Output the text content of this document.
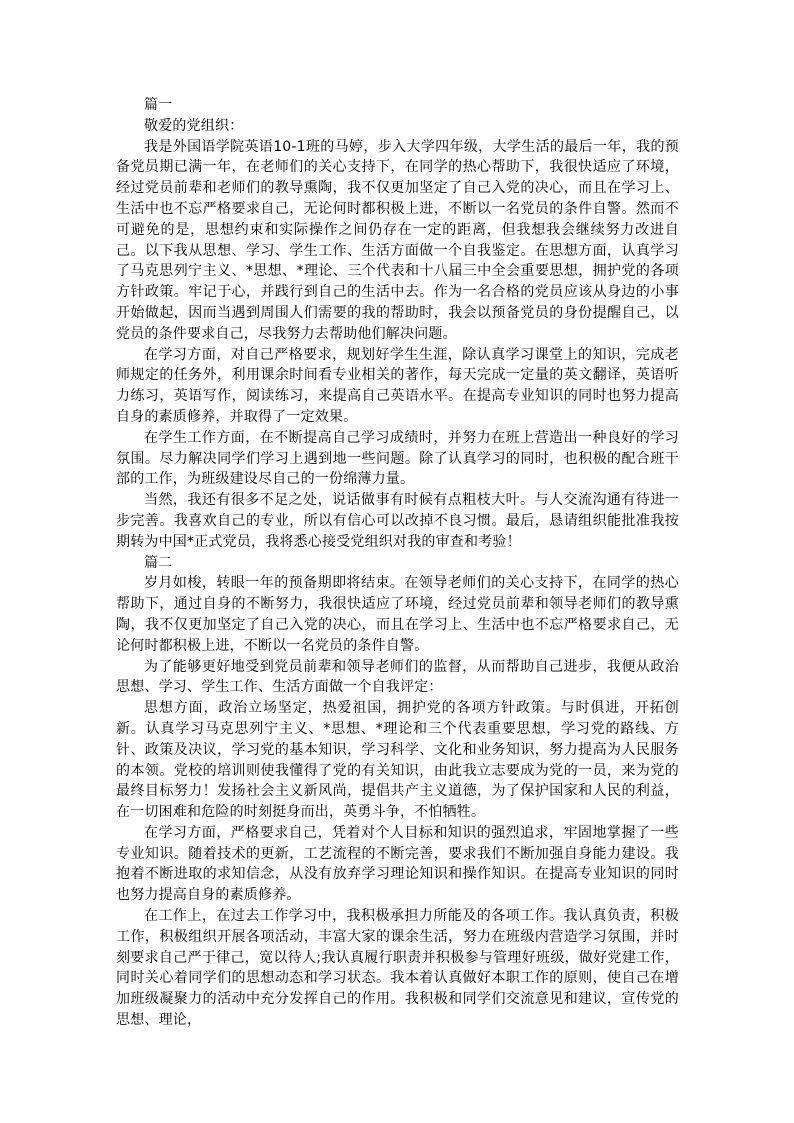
篇一

敬爱的党组织：

我是外国语学院英语10-1班的马婷，步入大学四年级，大学生活的最后一年，我的预备党员期已满一年，在老师们的关心支持下，在同学的热心帮助下，我很快适应了环境，经过党员前辈和老师们的教导熏陶，我不仅更加坚定了自己入党的决心，而且在学习上、生活中也不忘严格要求自己，无论何时都积极上进，不断以一名党员的条件自警。然而不可避免的是，思想约束和实际操作之间仍存在一定的距离，但我想我会继续努力改进自己。以下我从思想、学习、学生工作、生活方面做一个自我鉴定。在思想方面，认真学习了马克思列宁主义、*思想、*理论、三个代表和十八届三中全会重要思想，拥护党的各项方针政策。牢记于心，并践行到自己的生活中去。作为一名合格的党员应该从身边的小事开始做起，因而当遇到周围人们需要的我的帮助时，我会以预备党员的身份提醒自己，以党员的条件要求自己，尽我努力去帮助他们解决问题。

在学习方面，对自己严格要求，规划好学生生涯，除认真学习课堂上的知识，完成老师规定的任务外，利用课余时间看专业相关的著作，每天完成一定量的英文翻译，英语听力练习，英语写作，阅读练习，来提高自己英语水平。在提高专业知识的同时也努力提高自身的素质修养，并取得了一定效果。

在学生工作方面，在不断提高自己学习成绩时，并努力在班上营造出一种良好的学习氛围。尽力解决同学们学习上遇到地一些问题。除了认真学习的同时，也积极的配合班干部的工作，为班级建设尽自己的一份绵薄力量。

当然，我还有很多不足之处，说话做事有时候有点粗枝大叶。与人交流沟通有待进一步完善。我喜欢自己的专业，所以有信心可以改掉不良习惯。最后，恳请组织能批准我按期转为中国*正式党员，我将悉心接受党组织对我的审查和考验！

篇二

岁月如梭，转眼一年的预备期即将结束。在领导老师们的关心支持下，在同学的热心帮助下，通过自身的不断努力，我很快适应了环境，经过党员前辈和领导老师们的教导熏陶，我不仅更加坚定了自己入党的决心，而且在学习上、生活中也不忘严格要求自己，无论何时都积极上进，不断以一名党员的条件自警。

为了能够更好地受到党员前辈和领导老师们的监督，从而帮助自己进步，我便从政治思想、学习、学生工作、生活方面做一个自我评定：

思想方面，政治立场坚定，热爱祖国，拥护党的各项方针政策。与时俱进，开拓创新。认真学习马克思列宁主义、*思想、*理论和三个代表重要思想，学习党的路线、方针、政策及决议，学习党的基本知识，学习科学、文化和业务知识，努力提高为人民服务的本领。党校的培训则使我懂得了党的有关知识，由此我立志要成为党的一员，来为党的最终目标努力！发扬社会主义新风尚，提倡共产主义道德，为了保护国家和人民的利益，在一切困难和危险的时刻挺身而出，英勇斗争，不怕牺牲。

在学习方面，严格要求自己，凭着对个人目标和知识的强烈追求，牢固地掌握了一些专业知识。随着技术的更新，工艺流程的不断完善，要求我们不断加强自身能力建设。我抱着不断进取的求知信念，从没有放弃学习理论知识和操作知识。在提高专业知识的同时也努力提高自身的素质修养。

在工作上，在过去工作学习中，我积极承担力所能及的各项工作。我认真负责，积极工作，积极组织开展各项活动，丰富大家的课余生活，努力在班级内营造学习氛围，并时刻要求自己严于律己，宽以待人;我认真履行职责并积极参与管理好班级，做好党建工作，同时关心着同学们的思想动态和学习状态。我本着认真做好本职工作的原则，使自己在增加班级凝聚力的活动中充分发挥自己的作用。我积极和同学们交流意见和建议，宣传党的思想、理论，
